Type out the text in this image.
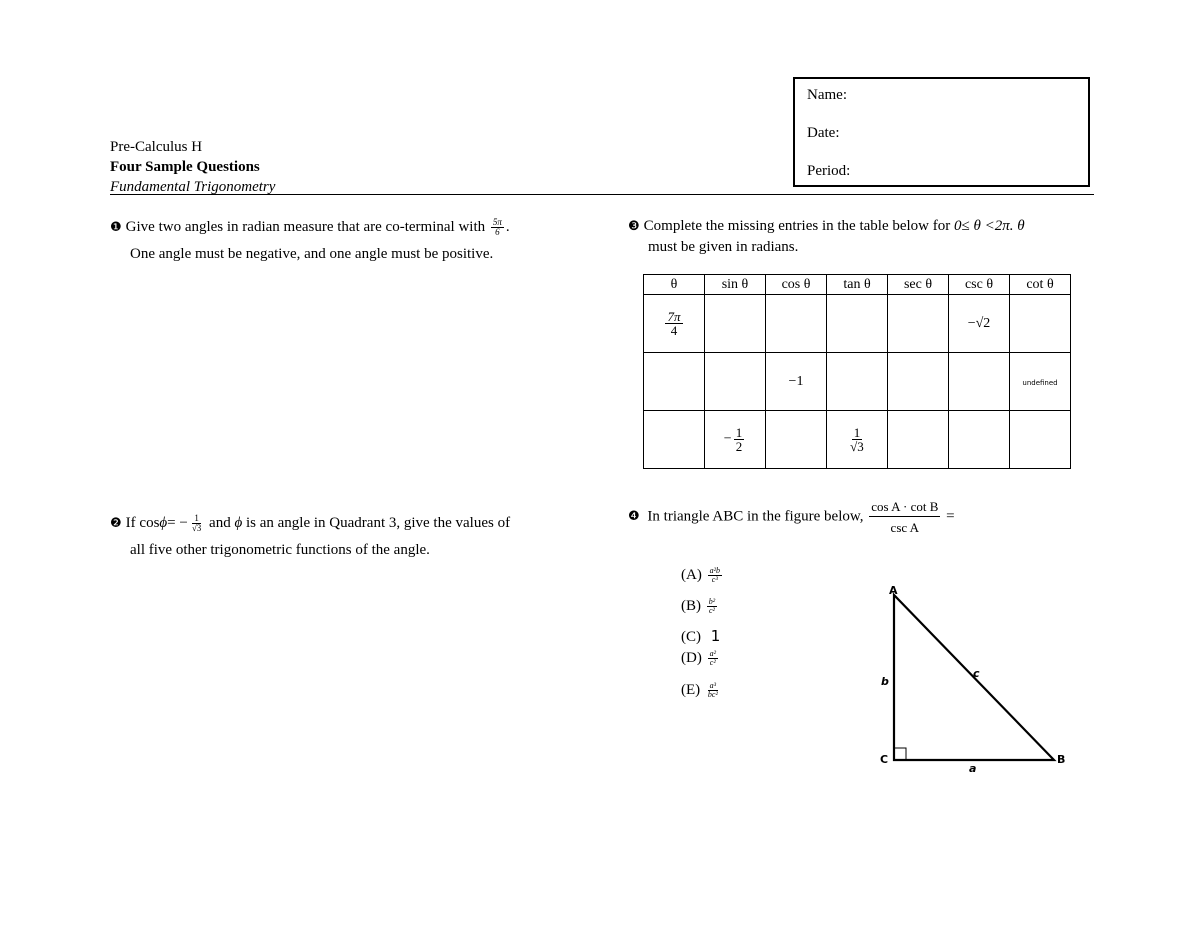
Name:
Date:
Period:
Pre-Calculus H
Four Sample Questions
Fundamental Trigonometry
❶ Give two angles in radian measure that are co-terminal with $\frac{5\pi}{6}$ .
One angle must be negative, and one angle must be positive.
❷ If $\cos\phi= - \frac{1}{√3}$ and ϕ is an angle in Quadrant 3, give the values of
all five other trigonometric functions of the angle.
❸ Complete the missing entries in the table below for 0≤ θ <2π. θ
must be given in radians.
θ	sin θ	cos θ	tan θ	sec θ	csc θ	cot θ

$\frac{7\pi}{4}$					−√2	
		−1				undefined
	− $\frac{1}{2}$		$\frac{1}{√3}$

❹ In triangle ABC in the figure below, $\frac{\text{cos A · cot B}}{\text{csc A}}$ =
$(A) \frac{\text{a²b}}{\text{c³}}$
$(B) \frac{\text{b²}}{\text{c²}}$
(C) 1
$(D) \frac{\text{a²}}{\text{c²}}$
$(E) \frac{\text{a³}}{\text{bc²}}$
A
B
C
a
b
c
